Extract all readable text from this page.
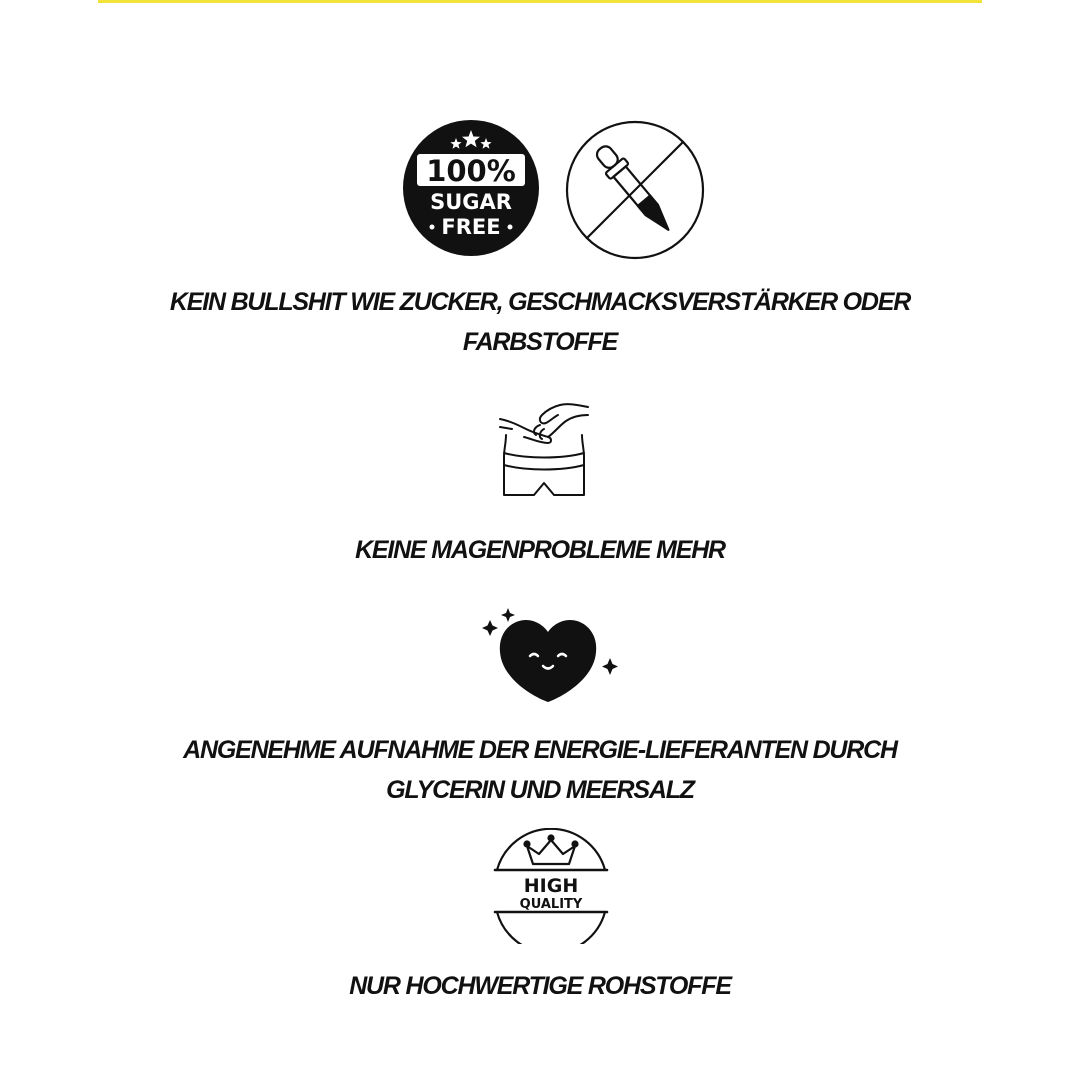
100%
SUGAR
FREE

KEIN BULLSHIT WIE ZUCKER, GESCHMACKSVERSTÄRKER ODER FARBSTOFFE

KEINE MAGENPROBLEME MEHR

ANGENEHME AUFNAHME DER ENERGIE-LIEFERANTEN DURCH GLYCERIN UND MEERSALZ

HIGH
QUALITY

NUR HOCHWERTIGE ROHSTOFFE
